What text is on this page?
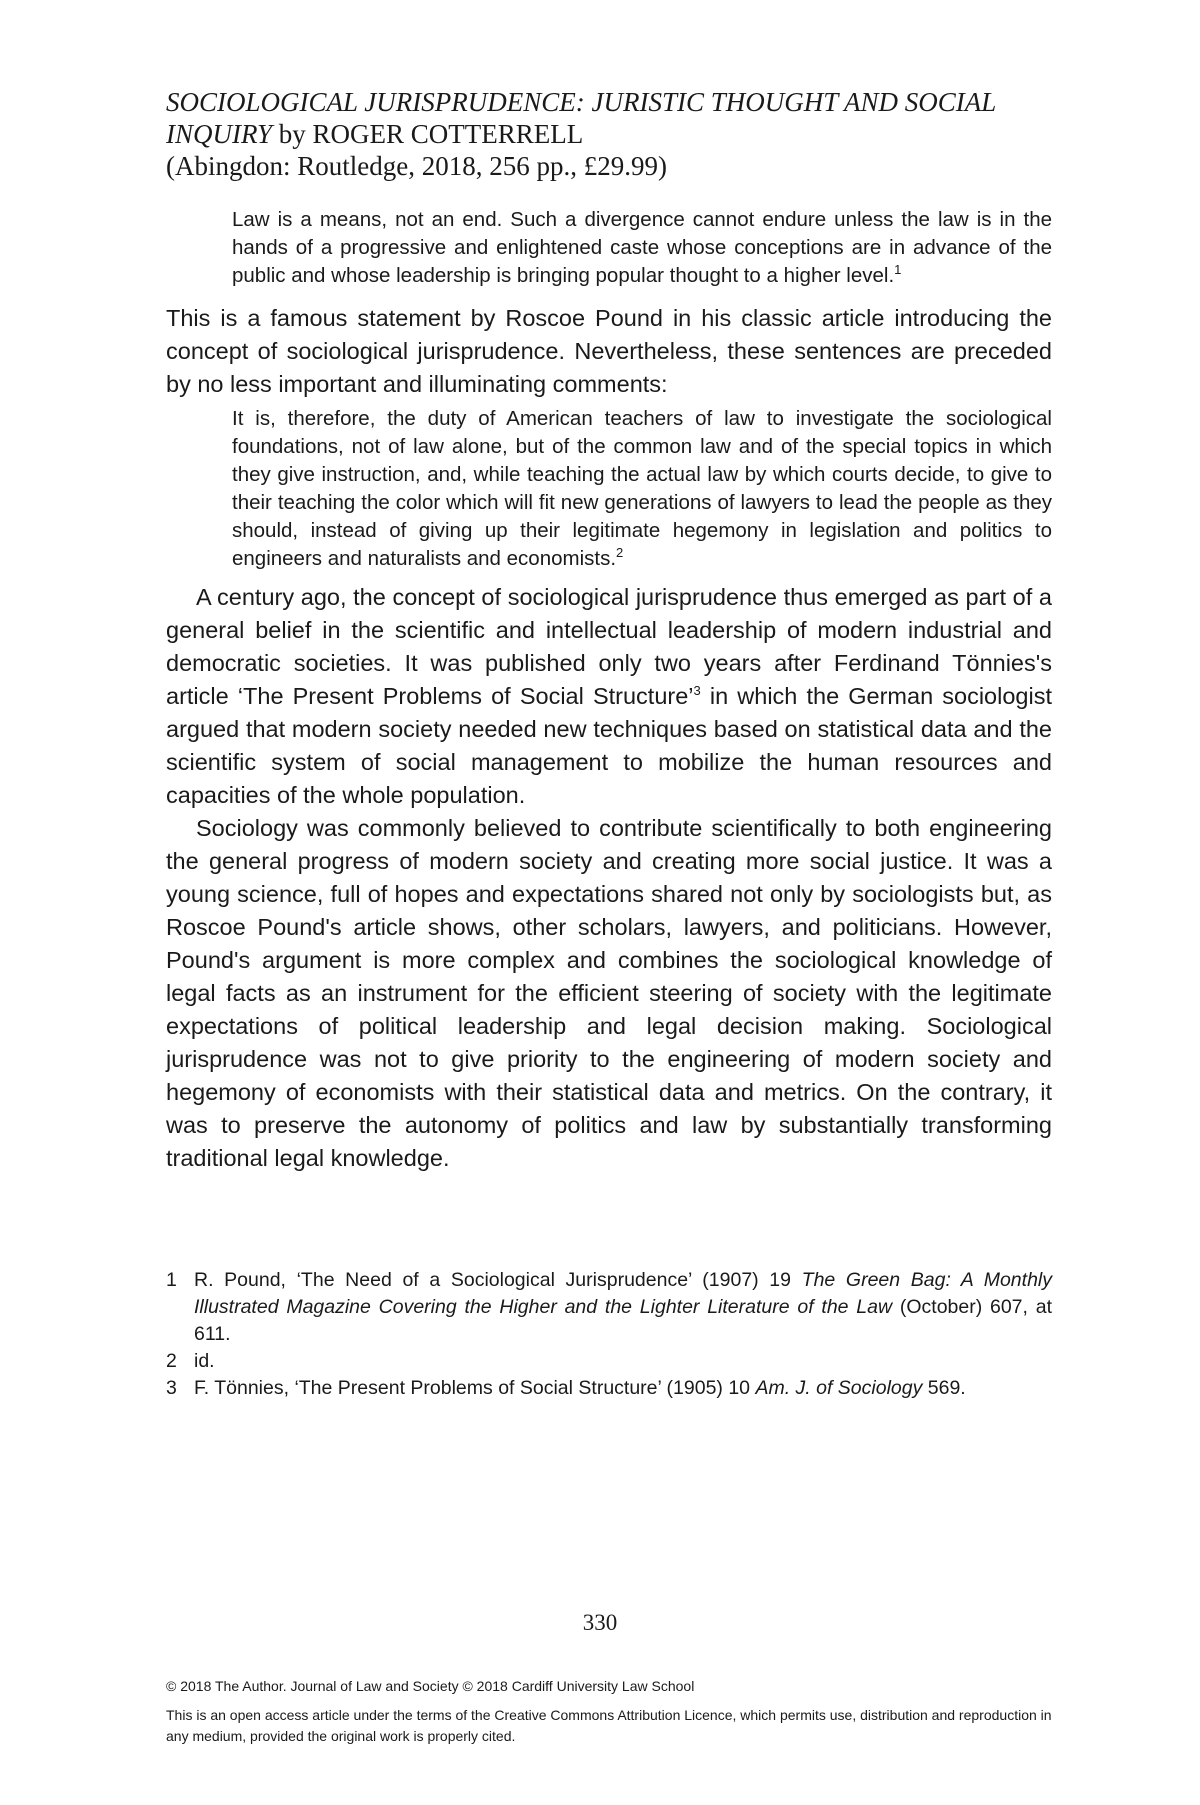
SOCIOLOGICAL JURISPRUDENCE: JURISTIC THOUGHT AND SOCIAL INQUIRY by ROGER COTTERRELL

(Abingdon: Routledge, 2018, 256 pp., £29.99)

Law is a means, not an end. Such a divergence cannot endure unless the law is in the hands of a progressive and enlightened caste whose conceptions are in advance of the public and whose leadership is bringing popular thought to a higher level.$^1$

This is a famous statement by Roscoe Pound in his classic article introducing the concept of sociological jurisprudence. Nevertheless, these sentences are preceded by no less important and illuminating comments:

It is, therefore, the duty of American teachers of law to investigate the sociological foundations, not of law alone, but of the common law and of the special topics in which they give instruction, and, while teaching the actual law by which courts decide, to give to their teaching the color which will fit new generations of lawyers to lead the people as they should, instead of giving up their legitimate hegemony in legislation and politics to engineers and naturalists and economists.$^2$

A century ago, the concept of sociological jurisprudence thus emerged as part of a general belief in the scientific and intellectual leadership of modern industrial and democratic societies. It was published only two years after Ferdinand Tönnies's article ‘The Present Problems of Social Structure’$^3$ in which the German sociologist argued that modern society needed new techniques based on statistical data and the scientific system of social management to mobilize the human resources and capacities of the whole population.

Sociology was commonly believed to contribute scientifically to both engineering the general progress of modern society and creating more social justice. It was a young science, full of hopes and expectations shared not only by sociologists but, as Roscoe Pound's article shows, other scholars, lawyers, and politicians. However, Pound's argument is more complex and combines the sociological knowledge of legal facts as an instrument for the efficient steering of society with the legitimate expectations of political leadership and legal decision making. Sociological jurisprudence was not to give priority to the engineering of modern society and hegemony of economists with their statistical data and metrics. On the contrary, it was to preserve the autonomy of politics and law by substantially transforming traditional legal knowledge.

1 R. Pound, ‘The Need of a Sociological Jurisprudence’ (1907) 19 The Green Bag: A Monthly Illustrated Magazine Covering the Higher and the Lighter Literature of the Law (October) 607, at 611.

2 id.

3 F. Tönnies, ‘The Present Problems of Social Structure’ (1905) 10 Am. J. of Sociology 569.

330
© 2018 The Author. Journal of Law and Society © 2018 Cardiff University Law School
This is an open access article under the terms of the Creative Commons Attribution Licence, which permits use, distribution and reproduction in any medium, provided the original work is properly cited.
